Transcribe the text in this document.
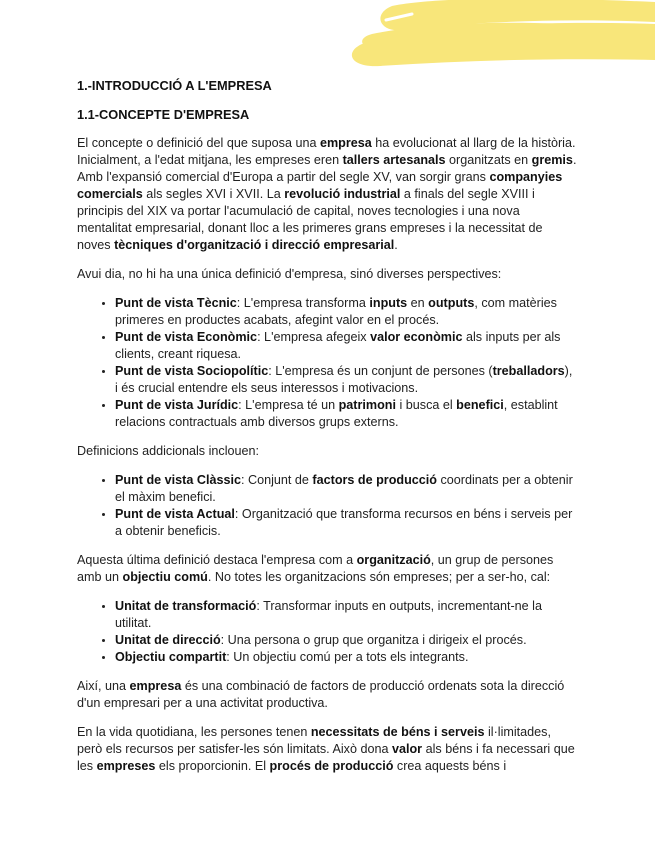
1.-INTRODUCCIÓ A L'EMPRESA
1.1-CONCEPTE D'EMPRESA

El concepte o definició del que suposa una empresa ha evolucionat al llarg de la història. Inicialment, a l'edat mitjana, les empreses eren tallers artesanals organitzats en gremis. Amb l'expansió comercial d'Europa a partir del segle XV, van sorgir grans companyies comercials als segles XVI i XVII. La revolució industrial a finals del segle XVIII i principis del XIX va portar l'acumulació de capital, noves tecnologies i una nova mentalitat empresarial, donant lloc a les primeres grans empreses i la necessitat de noves tècniques d'organització i direcció empresarial.

Avui dia, no hi ha una única definició d'empresa, sinó diverses perspectives:

• Punt de vista Tècnic: L'empresa transforma inputs en outputs, com matèries primeres en productes acabats, afegint valor en el procés.
• Punt de vista Econòmic: L'empresa afegeix valor econòmic als inputs per als clients, creant riquesa.
• Punt de vista Sociopolític: L'empresa és un conjunt de persones (treballadors), i és crucial entendre els seus interessos i motivacions.
• Punt de vista Jurídic: L'empresa té un patrimoni i busca el benefici, establint relacions contractuals amb diversos grups externs.

Definicions addicionals inclouen:

• Punt de vista Clàssic: Conjunt de factors de producció coordinats per a obtenir el màxim benefici.
• Punt de vista Actual: Organització que transforma recursos en béns i serveis per a obtenir beneficis.

Aquesta última definició destaca l'empresa com a organització, un grup de persones amb un objectiu comú. No totes les organitzacions són empreses; per a ser-ho, cal:

• Unitat de transformació: Transformar inputs en outputs, incrementant-ne la utilitat.
• Unitat de direcció: Una persona o grup que organitza i dirigeix el procés.
• Objectiu compartit: Un objectiu comú per a tots els integrants.

Així, una empresa és una combinació de factors de producció ordenats sota la direcció d'un empresari per a una activitat productiva.

En la vida quotidiana, les persones tenen necessitats de béns i serveis il·limitades, però els recursos per satisfer-les són limitats. Això dona valor als béns i fa necessari que les empreses els proporcionin. El procés de producció crea aquests béns i
